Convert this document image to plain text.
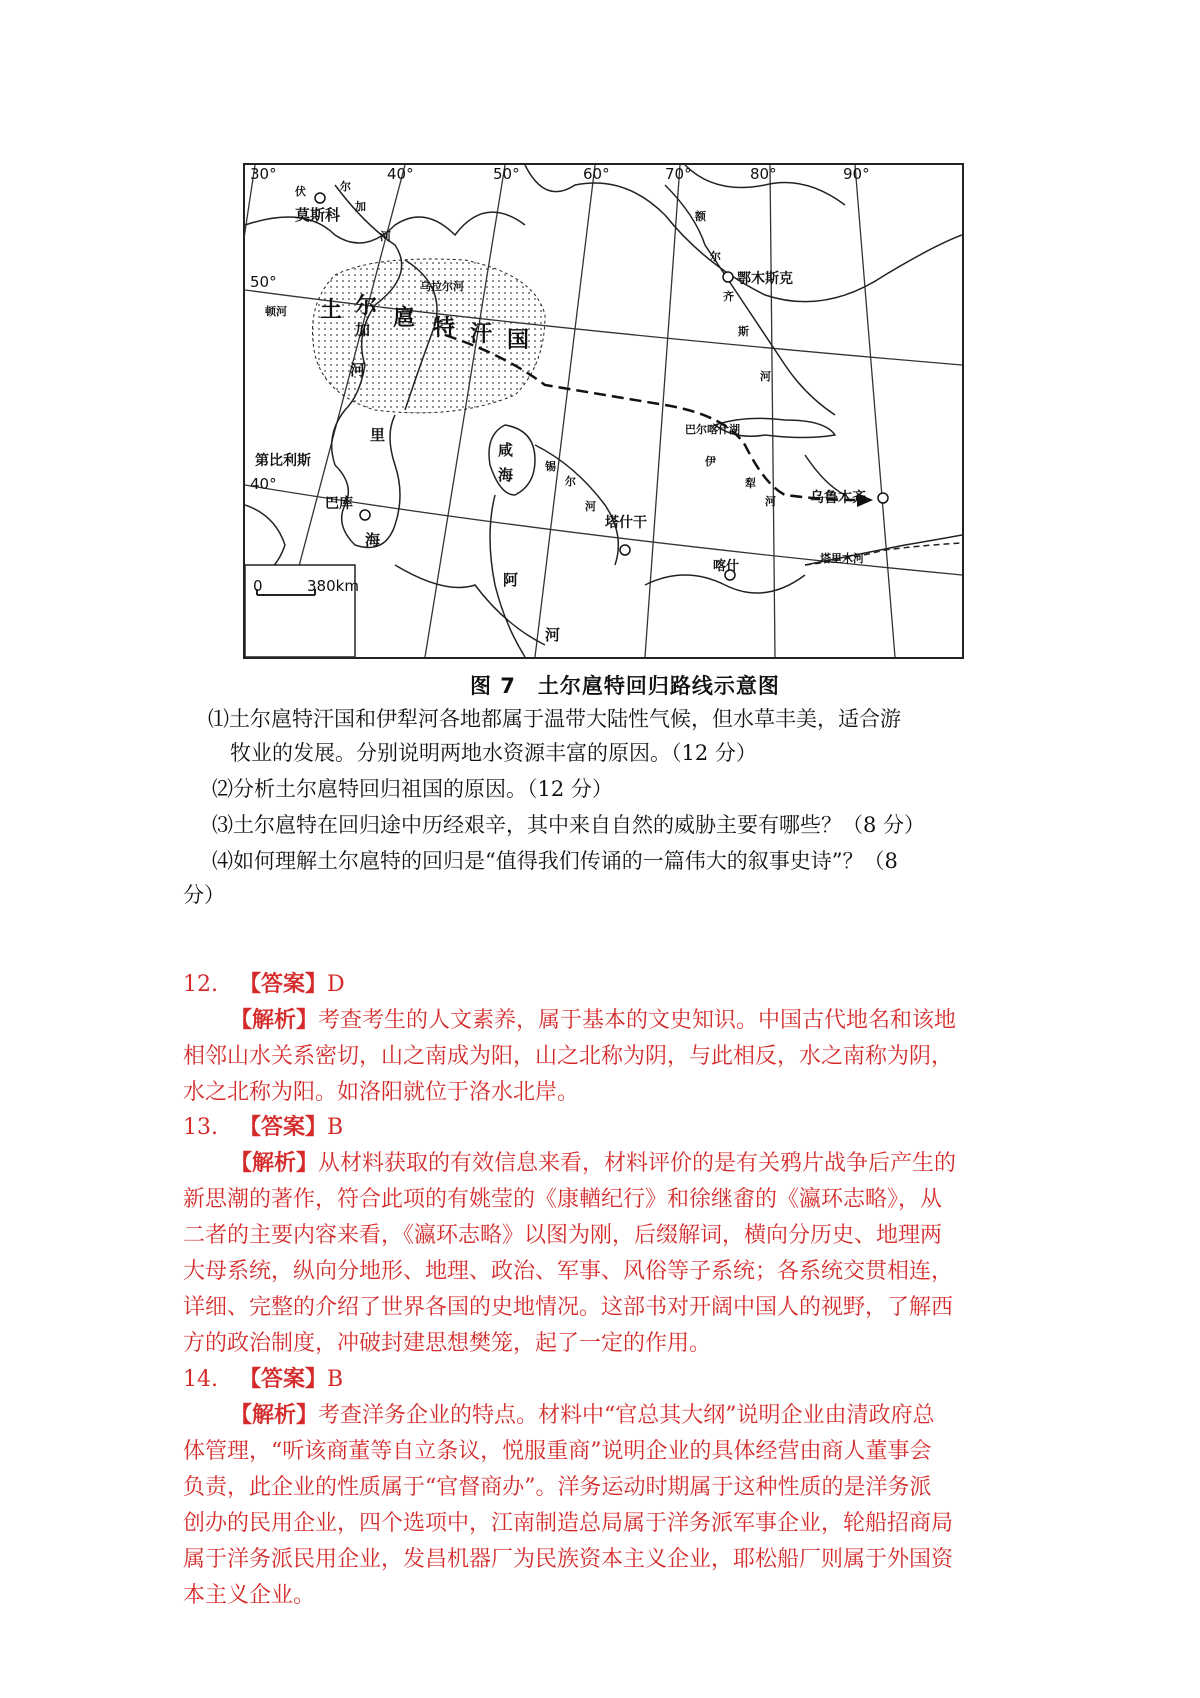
0	380km
30°	40°	50°	60°	70°	80°	90°
50°
40°
莫斯科
鄂木斯克
第比利斯
巴库
塔什干
乌鲁木齐
喀什
土 尔 扈 特 汗 国
伏	尔
加
河
乌拉尔河
额
尔
齐
斯
河
锡
尔
河
伊
犁
河
巴尔喀什湖
塔里木河
顿河
加
河
里
海
咸
海
阿
河
图 7　土尔扈特回归路线示意图
⑴土尔扈特汗国和伊犁河各地都属于温带大陆性气候，但水草丰美，适合游
牧业的发展。分别说明两地水资源丰富的原因。（12 分）
⑵分析土尔扈特回归祖国的原因。（12 分）
⑶土尔扈特在回归途中历经艰辛，其中来自自然的威胁主要有哪些？（8 分）
⑷如何理解土尔扈特的回归是“值得我们传诵的一篇伟大的叙事史诗”？（8
分）
12. 【答案】D
【解析】考查考生的人文素养，属于基本的文史知识。中国古代地名和该地
相邻山水关系密切，山之南成为阳，山之北称为阴，与此相反，水之南称为阴，
水之北称为阳。如洛阳就位于洛水北岸。
13. 【答案】B
【解析】从材料获取的有效信息来看，材料评价的是有关鸦片战争后产生的
新思潮的著作，符合此项的有姚莹的《康輶纪行》和徐继畬的《瀛环志略》，从
二者的主要内容来看，《瀛环志略》以图为刚，后缀解词，横向分历史、地理两
大母系统，纵向分地形、地理、政治、军事、风俗等子系统；各系统交贯相连，
详细、完整的介绍了世界各国的史地情况。这部书对开阔中国人的视野，了解西
方的政治制度，冲破封建思想樊笼，起了一定的作用。
14. 【答案】B
【解析】考查洋务企业的特点。材料中“官总其大纲”说明企业由清政府总
体管理，“听该商董等自立条议，悦服重商”说明企业的具体经营由商人董事会
负责，此企业的性质属于“官督商办”。洋务运动时期属于这种性质的是洋务派
创办的民用企业，四个选项中，江南制造总局属于洋务派军事企业，轮船招商局
属于洋务派民用企业，发昌机器厂为民族资本主义企业，耶松船厂则属于外国资
本主义企业。
